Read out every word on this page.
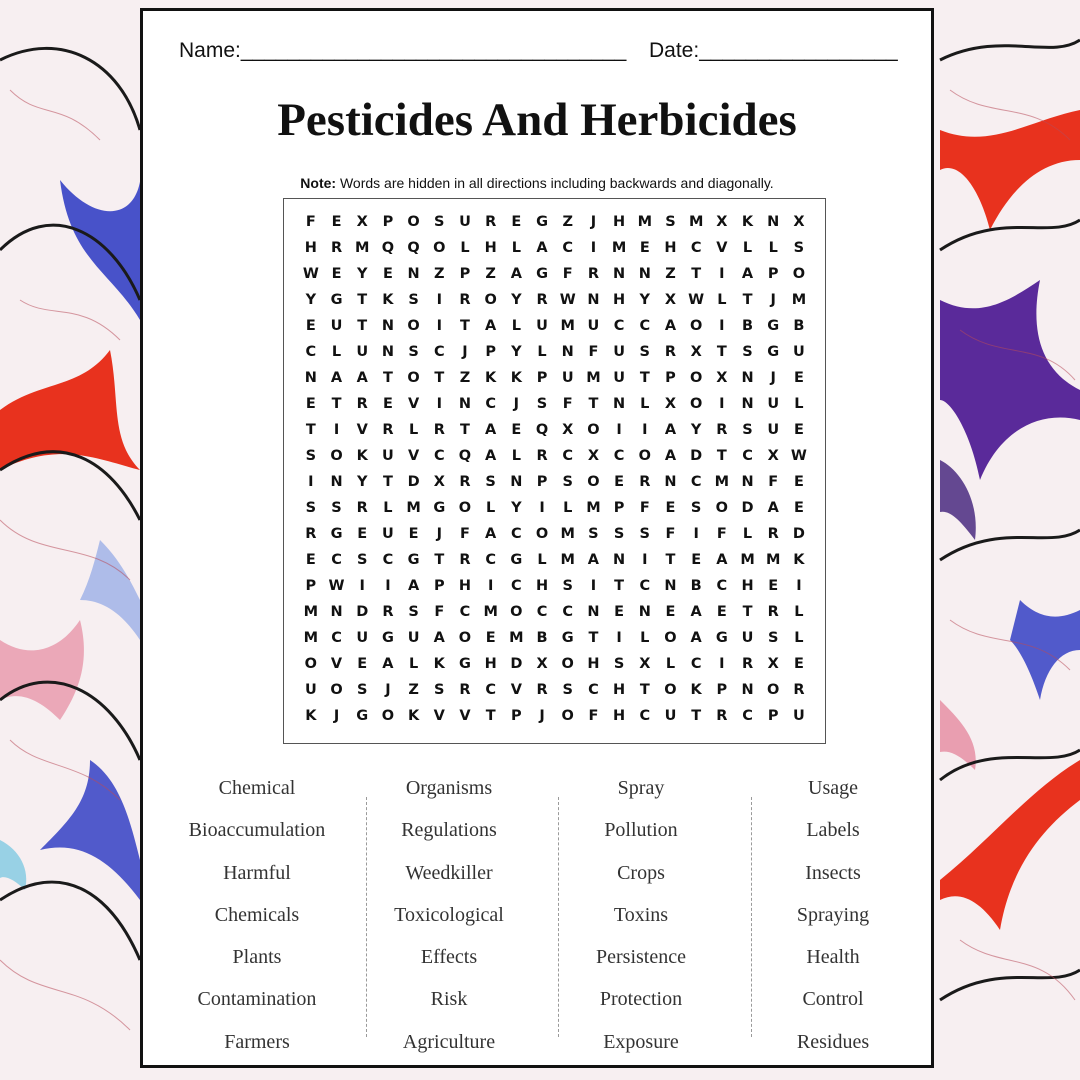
Name:_________________________________ Date:_________________
Pesticides And Herbicides
Note: Words are hidden in all directions including backwards and diagonally.
F	E	X	P O S	U R	E	G Z	J	H M S M X K N X
H R M Q Q O	L	H	L	A	C	I	M E	H C	V	L	L	S
W E	Y	E	N Z	P	Z	A G	F	R N N Z	T	I	A	P O
Y G	T	K	S	I	R O Y	R W N H Y	X W L	T	J	M
E	U	T	N O	I	T	A	L	U M U C	C	A O	I	B G B
C	L	U N S	C	J	P	Y	L	N	F	U	S	R	X	T	S	G U
N A A	T	O	T	Z	K K	P U M U	T	P O X N	J	E
E	T	R	E	V	I	N C	J	S	F	T	N	L	X O	I	N U	L
T	I	V R	L	R	T	A	E	Q X O	I	I	A	Y	R	S	U	E
S O K U V	C Q A	L	R	C	X	C O A D	T	C	X W
I	N Y	T	D X	R	S N P	S O	E	R N C M N	F	E
S	S	R	L M G O	L	Y	I	L M P	F	E	S O D A	E
R G	E	U	E	J	F	A	C O M S	S	S	F	I	F	L	R D
E	C	S	C G	T	R	C G	L M A N	I	T	E	A M M K
P W	I	I	A	P H	I	C H S	I	T	C N B	C H	E	I
M N D R	S	F	C M O C	C N	E	N	E	A	E	T	R	L
M C U G U A O	E M B G	T	I	L	O A G U	S	L
O V	E	A	L	K G H D X O H S	X	L	C	I	R	X	E
U O S	J	Z	S	R	C	V R	S	C H	T	O K	P N O R
K	J	G O K V V	T	P	J	O	F	H C U	T	R	C	P U
Chemical
Bioaccumulation
Harmful
Chemicals
Plants
Contamination
Farmers
Organisms
Regulations
Weedkiller
Toxicological
Effects
Risk
Agriculture
Spray
Pollution
Crops
Toxins
Persistence
Protection
Exposure
Usage
Labels
Insects
Spraying
Health
Control
Residues
